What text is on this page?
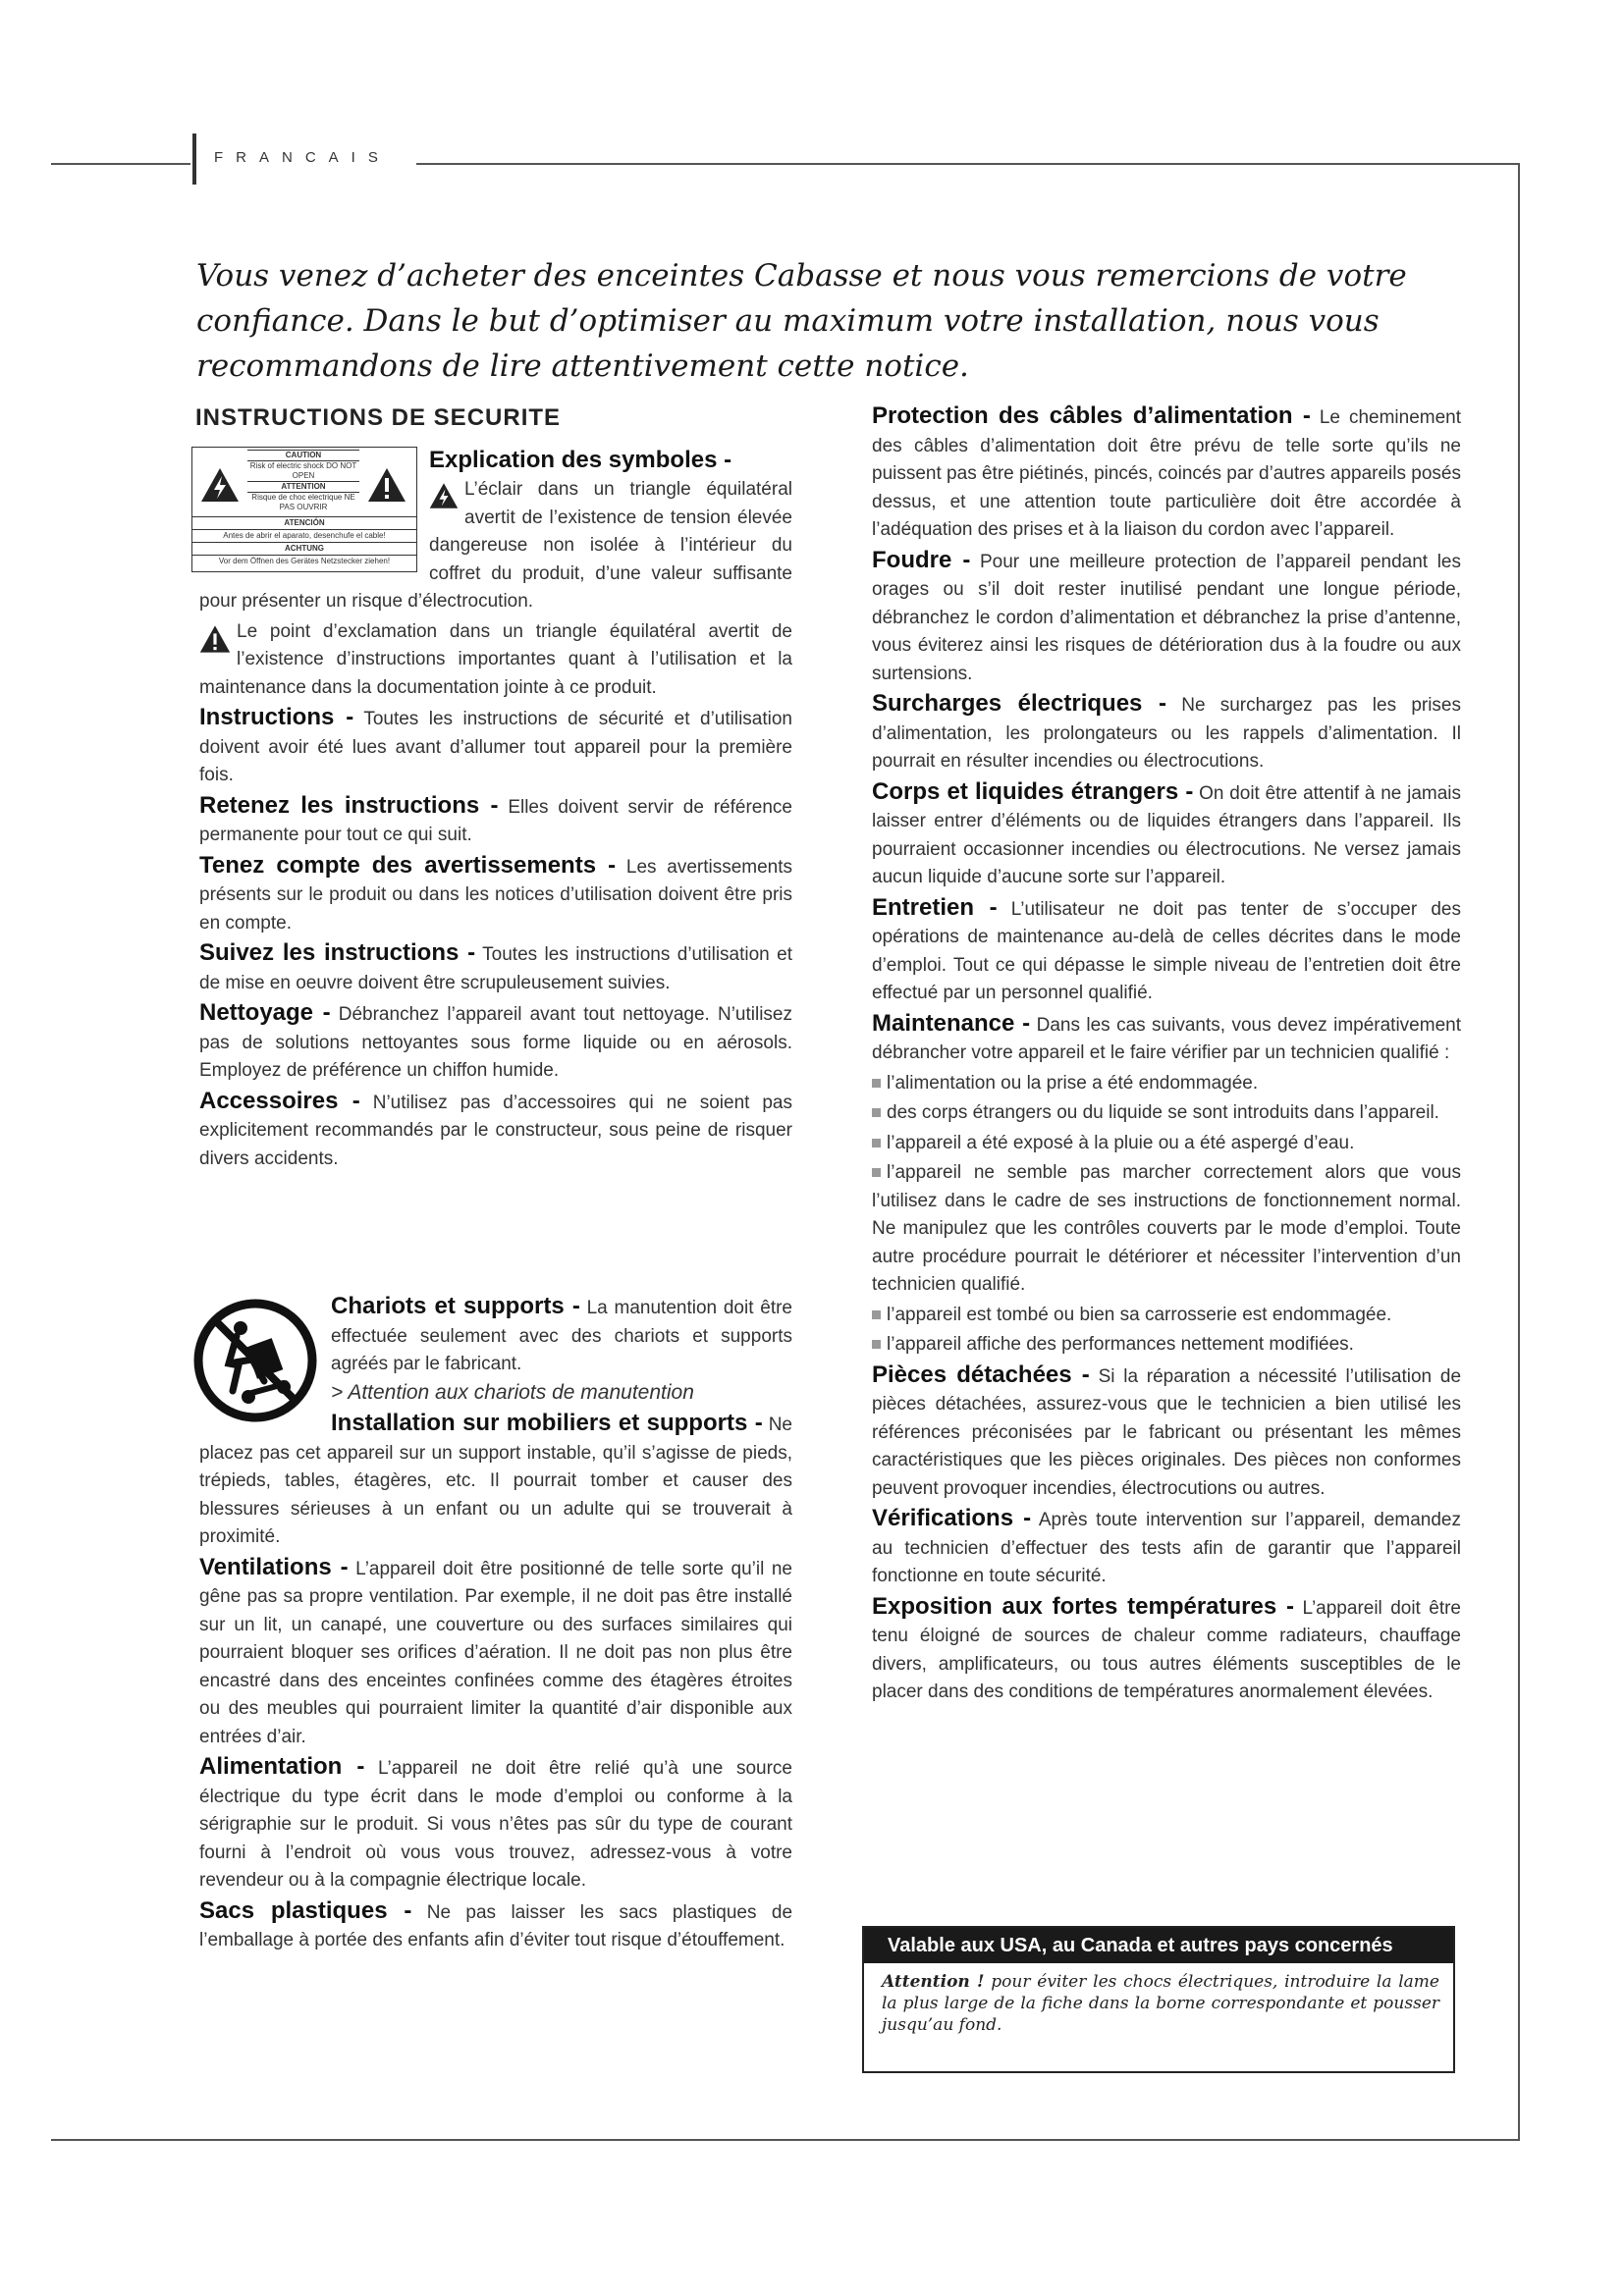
FRANCAIS

Vous venez d’acheter des enceintes Cabasse et nous vous remercions de votre confiance. Dans le but d’optimiser au maximum votre installation, nous vous recommandons de lire attentivement cette notice.

INSTRUCTIONS DE SECURITE
CAUTION
Risk of electric shock DO NOT OPEN
ATTENTION
Risque de choc electrique NE PAS OUVRIR
ATENCIÓN
Antes de abrir el aparato, desenchufe el cable!
ACHTUNG
Vor dem Öffnen des Gerätes Netzstecker ziehen!

Explication des symboles -

L’éclair dans un triangle équilatéral avertit de l’existence de tension élevée dangereuse non isolée à l’intérieur du coffret du produit, d’une valeur suffisante pour présenter un risque d’électrocution.

Le point d’exclamation dans un triangle équilatéral avertit de l’existence d’instructions importantes quant à l’utilisation et la maintenance dans la documentation jointe à ce produit.

Instructions - Toutes les instructions de sécurité et d’utilisation doivent avoir été lues avant d’allumer tout appareil pour la première fois.

Retenez les instructions - Elles doivent servir de référence permanente pour tout ce qui suit.

Tenez compte des avertissements - Les avertissements présents sur le produit ou dans les notices d’utilisation doivent être pris en compte.

Suivez les instructions - Toutes les instructions d’utilisation et de mise en oeuvre doivent être scrupuleusement suivies.

Nettoyage - Débranchez l’appareil avant tout nettoyage. N’utilisez pas de solutions nettoyantes sous forme liquide ou en aérosols. Employez de préférence un chiffon humide.

Accessoires - N’utilisez pas d’accessoires qui ne soient pas explicitement recommandés par le constructeur, sous peine de risquer divers accidents.

Chariots et supports - La manutention doit être effectuée seulement avec des chariots et supports agréés par le fabricant.
> Attention aux chariots de manutention

Installation sur mobiliers et supports - Ne placez pas cet appareil sur un support instable, qu’il s’agisse de pieds, trépieds, tables, étagères, etc. Il pourrait tomber et causer des blessures sérieuses à un enfant ou un adulte qui se trouverait à proximité.

Ventilations - L’appareil doit être positionné de telle sorte qu’il ne gêne pas sa propre ventilation. Par exemple, il ne doit pas être installé sur un lit, un canapé, une couverture ou des surfaces similaires qui pourraient bloquer ses orifices d’aération. Il ne doit pas non plus être encastré dans des enceintes confinées comme des étagères étroites ou des meubles qui pourraient limiter la quantité d’air disponible aux entrées d’air.

Alimentation - L’appareil ne doit être relié qu’à une source électrique du type écrit dans le mode d’emploi ou conforme à la sérigraphie sur le produit. Si vous n’êtes pas sûr du type de courant fourni à l’endroit où vous vous trouvez, adressez-vous à votre revendeur ou à la compagnie électrique locale.

Sacs plastiques - Ne pas laisser les sacs plastiques de l’emballage à portée des enfants afin d’éviter tout risque d’étouffement.

Protection des câbles d’alimentation - Le cheminement des câbles d’alimentation doit être prévu de telle sorte qu’ils ne puissent pas être piétinés, pincés, coincés par d’autres appareils posés dessus, et une attention toute particulière doit être accordée à l’adéquation des prises et à la liaison du cordon avec l’appareil.

Foudre - Pour une meilleure protection de l’appareil pendant les orages ou s’il doit rester inutilisé pendant une longue période, débranchez le cordon d’alimentation et débranchez la prise d’antenne, vous éviterez ainsi les risques de détérioration dus à la foudre ou aux surtensions.

Surcharges électriques - Ne surchargez pas les prises d’alimentation, les prolongateurs ou les rappels d’alimentation. Il pourrait en résulter incendies ou électrocutions.

Corps et liquides étrangers - On doit être attentif à ne jamais laisser entrer d’éléments ou de liquides étrangers dans l’appareil. Ils pourraient occasionner incendies ou électrocutions. Ne versez jamais aucun liquide d’aucune sorte sur l’appareil.

Entretien - L’utilisateur ne doit pas tenter de s’occuper des opérations de maintenance au-delà de celles décrites dans le mode d’emploi. Tout ce qui dépasse le simple niveau de l’entretien doit être effectué par un personnel qualifié.

Maintenance - Dans les cas suivants, vous devez impérativement débrancher votre appareil et le faire vérifier par un technicien qualifié :

l’alimentation ou la prise a été endommagée.

des corps étrangers ou du liquide se sont introduits dans l’appareil.

l’appareil a été exposé à la pluie ou a été aspergé d’eau.

l’appareil ne semble pas marcher correctement alors que vous l’utilisez dans le cadre de ses instructions de fonctionnement normal. Ne manipulez que les contrôles couverts par le mode d’emploi. Toute autre procédure pourrait le détériorer et nécessiter l’intervention d’un technicien qualifié.

l’appareil est tombé ou bien sa carrosserie est endommagée.

l’appareil affiche des performances nettement modifiées.

Pièces détachées - Si la réparation a nécessité l’utilisation de pièces détachées, assurez-vous que le technicien a bien utilisé les références préconisées par le fabricant ou présentant les mêmes caractéristiques que les pièces originales. Des pièces non conformes peuvent provoquer incendies, électrocutions ou autres.

Vérifications - Après toute intervention sur l’appareil, demandez au technicien d’effectuer des tests afin de garantir que l’appareil fonctionne en toute sécurité.

Exposition aux fortes températures - L’appareil doit être tenu éloigné de sources de chaleur comme radiateurs, chauffage divers, amplificateurs, ou tous autres éléments susceptibles de le placer dans des conditions de températures anormalement élevées.

Valable aux USA, au Canada et autres pays concernés
Attention ! pour éviter les chocs électriques, introduire la lame la plus large de la fiche dans la borne correspondante et pousser jusqu’au fond.
